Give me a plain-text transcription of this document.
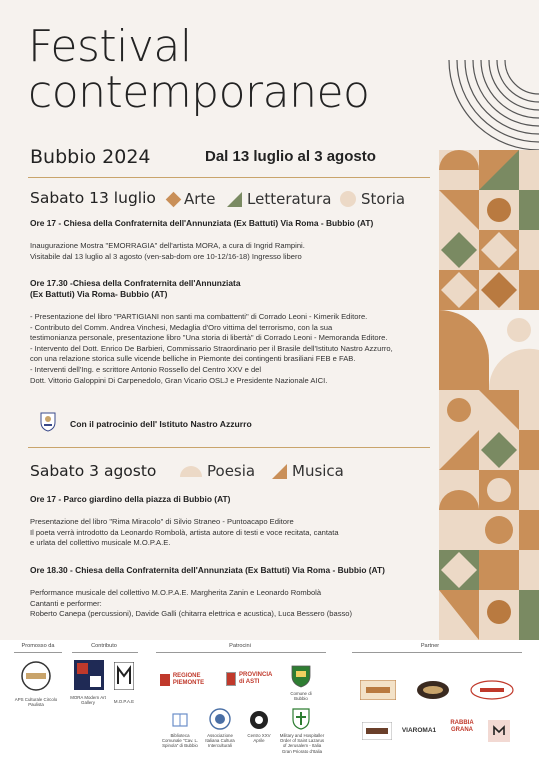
Festival
contemporaneo
Bubbio 2024	Dal 13 luglio al 3 agosto
Sabato 13 luglio Arte Letteratura Storia
Ore 17 - Chiesa della Confraternita dell'Annunziata (Ex Battuti) Via Roma - Bubbio (AT)
Inaugurazione Mostra "EMORRAGIA" dell'artista MORA, a cura di Ingrid Rampini.
Visitabile dal 13 luglio al 3 agosto (ven-sab-dom ore 10-12/16-18) Ingresso libero
Ore 17.30 -Chiesa della Confraternita dell'Annunziata
(Ex Battuti) Via Roma- Bubbio (AT)
- Presentazione del libro "PARTIGIANI non santi ma combattenti" di Corrado Leoni - Kimerik Editore.
- Contributo del Comm. Andrea Vinchesi, Medaglia d'Oro vittima del terrorismo, con la sua
testimonianza personale, presentazione libro "Una storia di libertà" di Corrado Leoni - Memoranda Editore.
- Intervento del Dott. Enrico De Barbieri, Commissario Straordinario per il Brasile dell'Istituto Nastro Azzurro,
con una relazione storica sulle vicende belliche in Piemonte dei contingenti brasiliani FEB e FAB.
- Interventi dell'Ing. e scrittore Antonio Rossello del Centro XXV e del
Dott. Vittorio Galoppini Di Carpenedolo, Gran Vicario OSLJ e Presidente Nazionale AICI.
Con il patrocinio dell' Istituto Nastro Azzurro
Sabato 3 agosto	Poesia Musica
Ore 17 - Parco giardino della piazza di Bubbio (AT)
Presentazione del libro "Rima Miracolo" di Silvio Straneo - Puntoacapo Editore
Il poeta verrà introdotto da Leonardo Rombolà, artista autore di testi e voce recitata, cantata
e urlata del collettivo musicale M.O.P.A.E.
Ore 18.30 - Chiesa della Confraternita dell'Annunziata (Ex Battuti) Via Roma - Bubbio (AT)
Performance musicale del collettivo M.O.P.A.E. Margherita Zanin e Leonardo Rombolà
Cantanti e performer:
Roberto Canepa (percussioni), Davide Galli (chitarra elettrica e acustica), Luca Bessero (basso)
Promosso da
APS Culturale Circolo Paulista
Contributo
MORA Modern Art Gallery	M.O.P.A.E
Patrocini
REGIONE PIEMONTE
PROVINCIA di ASTI
Comune di Bubbio
Biblioteca Comunale "Cav. L. Spinola" di Bubbio
Associazione Italiana Cultura Interculturali
Centro XXV Aprile
Military and Hospitaller Order of Saint Lazarus of Jerusalem - Italia Gran Priorato d'Italia
Partner
VIAROMA1
RABBIA GRANA
